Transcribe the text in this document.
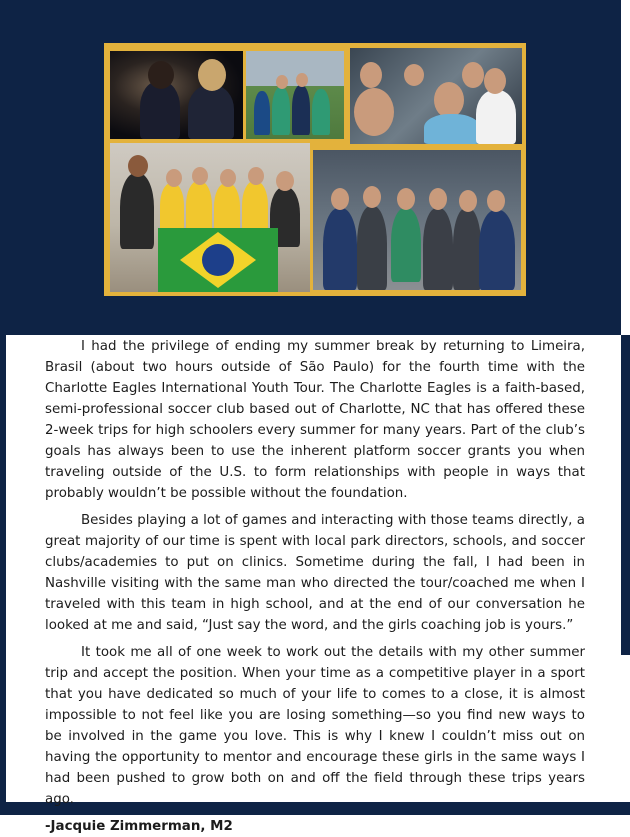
I had the privilege of ending my summer break by returning to Limeira, Brasil (about two hours outside of São Paulo) for the fourth time with the Charlotte Eagles International Youth Tour. The Charlotte Eagles is a faith-based, semi-professional soccer club based out of Charlotte, NC that has offered these 2-week trips for high schoolers every summer for many years. Part of the club’s goals has always been to use the inherent platform soccer grants you when traveling outside of the U.S. to form relationships with people in ways that probably wouldn’t be possible without the foundation.

Besides playing a lot of games and interacting with those teams directly, a great majority of our time is spent with local park directors, schools, and soccer clubs/academies to put on clinics. Sometime during the fall, I had been in Nashville visiting with the same man who directed the tour/coached me when I traveled with this team in high school, and at the end of our conversation he looked at me and said, “Just say the word, and the girls coaching job is yours.”

It took me all of one week to work out the details with my other summer trip and accept the position. When your time as a competitive player in a sport that you have dedicated so much of your life to comes to a close, it is almost impossible to not feel like you are losing something—so you find new ways to be involved in the game you love. This is why I knew I couldn’t miss out on having the opportunity to mentor and encourage these girls in the same ways I had been pushed to grow both on and off the field through these trips years ago.

-Jacquie Zimmerman, M2
